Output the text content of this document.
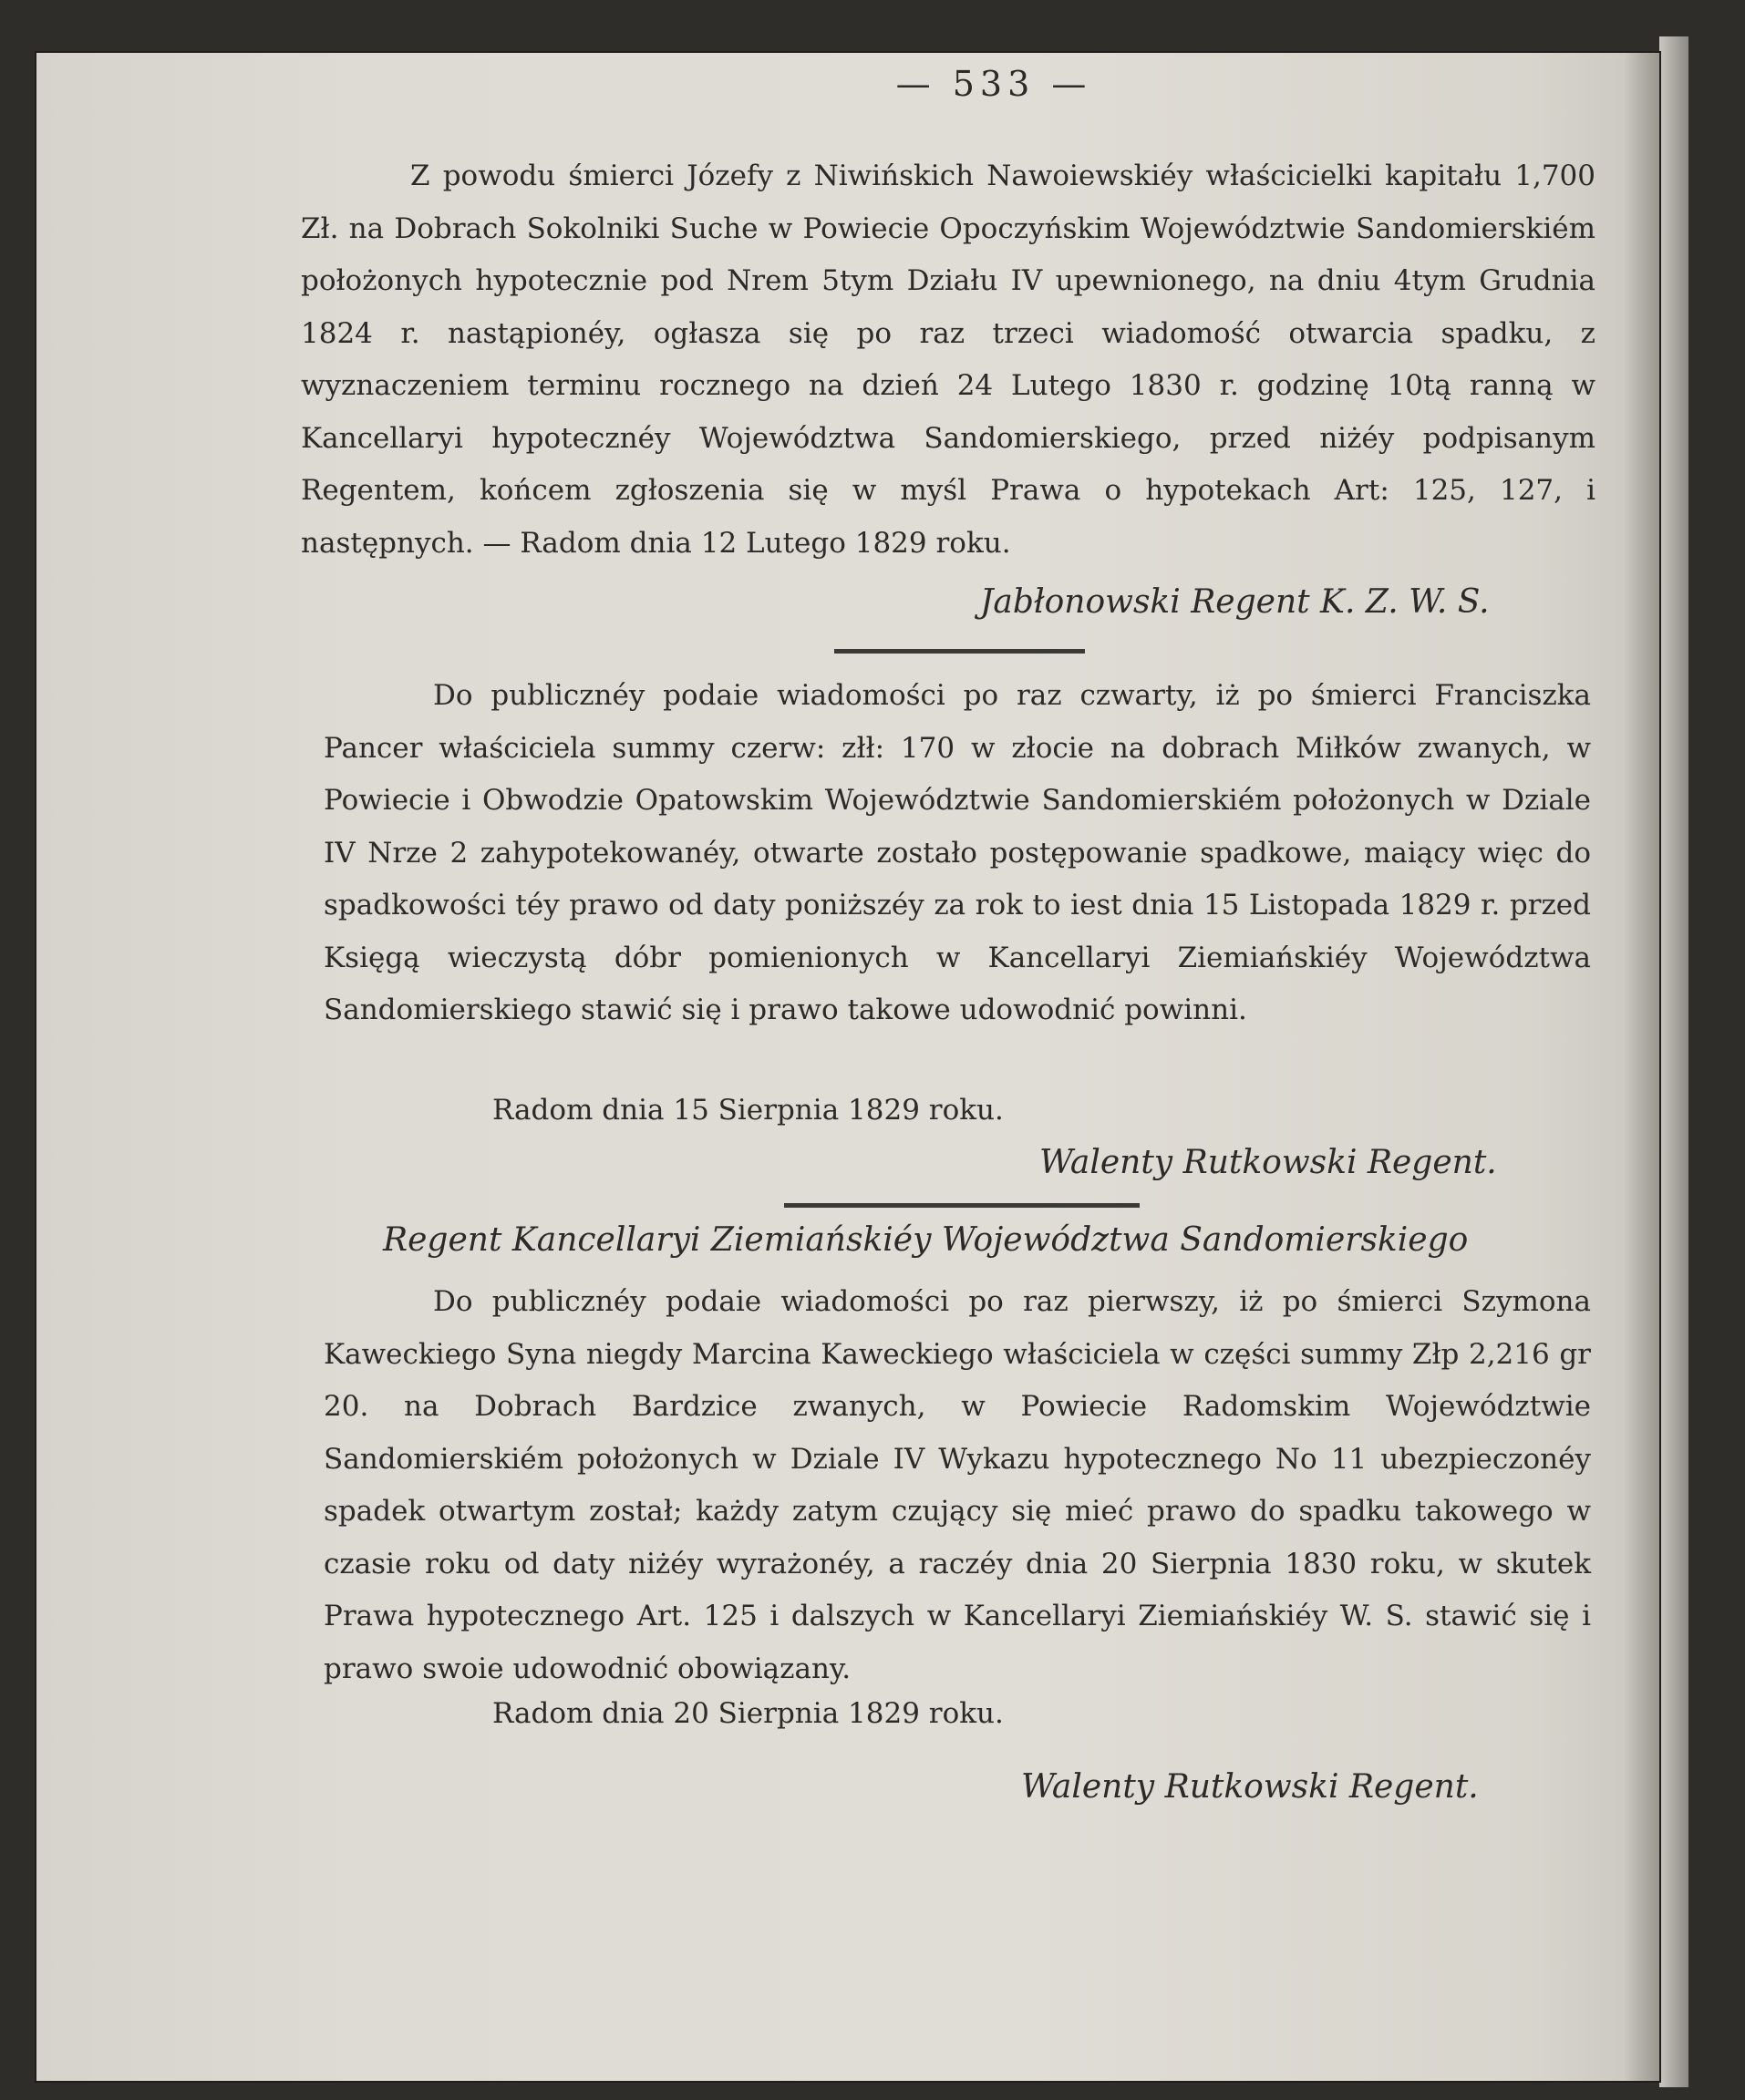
— 533 —

Z powodu śmierci Józefy z Niwińskich Nawoiewskiéy właścicielki kapitału 1,700 Zł. na Dobrach Sokolniki Suche w Powiecie Opoczyńskim Województwie Sandomierskiém położonych hypotecznie pod Nrem 5tym Działu IV upewnionego, na dniu 4tym Grudnia 1824 r. nastąpionéy, ogłasza się po raz trzeci wiadomość otwarcia spadku, z wyznaczeniem terminu rocznego na dzień 24 Lutego 1830 r. godzinę 10tą ranną w Kancellaryi hypotecznéy Województwa Sandomierskiego, przed niżéy podpisanym Regentem, końcem zgłoszenia się w myśl Prawa o hypotekach Art: 125, 127, i następnych. — Radom dnia 12 Lutego 1829 roku.

Jabłonowski Regent K. Z. W. S.

Do publicznéy podaie wiadomości po raz czwarty, iż po śmierci Franciszka Pancer właściciela summy czerw: złł: 170 w złocie na dobrach Miłków zwanych, w Powiecie i Obwodzie Opatowskim Województwie Sandomierskiém położonych w Dziale IV Nrze 2 zahypotekowanéy, otwarte zostało postępowanie spadkowe, maiący więc do spadkowości téy prawo od daty poniższéy za rok to iest dnia 15 Listopada 1829 r. przed Księgą wieczystą dóbr pomienionych w Kancellaryi Ziemiańskiéy Województwa Sandomierskiego stawić się i prawo takowe udowodnić powinni.

Radom dnia 15 Sierpnia 1829 roku.
Walenty Rutkowski Regent.
Regent Kancellaryi Ziemiańskiéy Województwa Sandomierskiego

Do publicznéy podaie wiadomości po raz pierwszy, iż po śmierci Szymona Kaweckiego Syna niegdy Marcina Kaweckiego właściciela w części summy Złp 2,216 gr 20. na Dobrach Bardzice zwanych, w Powiecie Radomskim Województwie Sandomierskiém położonych w Dziale IV Wykazu hypotecznego No 11 ubezpieczonéy spadek otwartym został; każdy zatym czujący się mieć prawo do spadku takowego w czasie roku od daty niżéy wyrażonéy, a raczéy dnia 20 Sierpnia 1830 roku, w skutek Prawa hypotecznego Art. 125 i dalszych w Kancellaryi Ziemiańskiéy W. S. stawić się i prawo swoie udowodnić obowiązany.

Radom dnia 20 Sierpnia 1829 roku.
Walenty Rutkowski Regent.
